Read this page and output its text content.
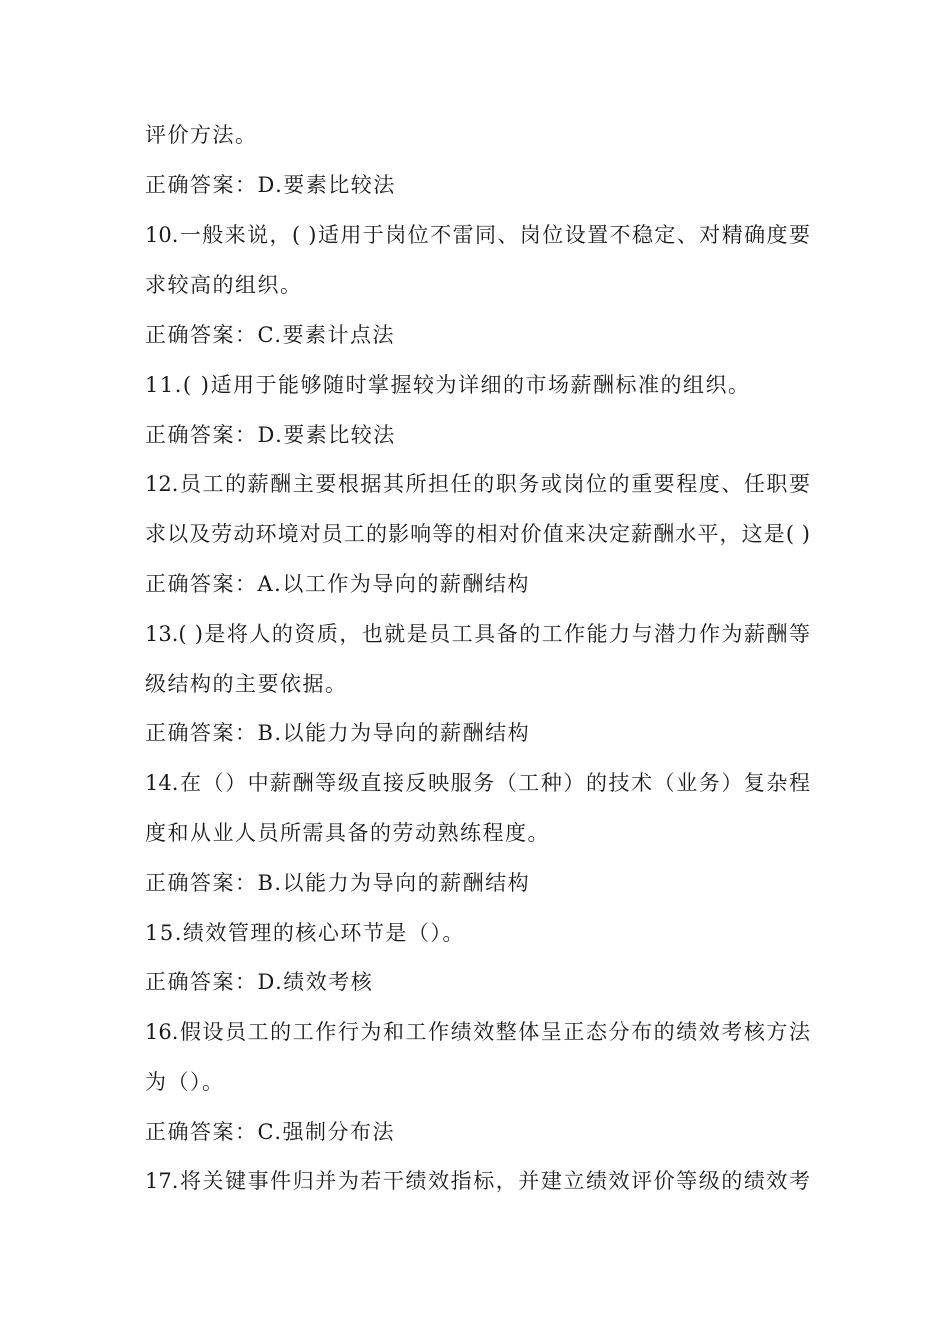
评价方法。
正确答案：D.要素比较法
10.一般来说，( )适用于岗位不雷同、岗位设置不稳定、对精确度要
求较高的组织。
正确答案：C.要素计点法
11.( )适用于能够随时掌握较为详细的市场薪酬标准的组织。
正确答案：D.要素比较法
12.员工的薪酬主要根据其所担任的职务或岗位的重要程度、任职要
求以及劳动环境对员工的影响等的相对价值来决定薪酬水平，这是( )
正确答案：A.以工作为导向的薪酬结构
13.( )是将人的资质，也就是员工具备的工作能力与潜力作为薪酬等
级结构的主要依据。
正确答案：B.以能力为导向的薪酬结构
14.在（）中薪酬等级直接反映服务（工种）的技术（业务）复杂程
度和从业人员所需具备的劳动熟练程度。
正确答案：B.以能力为导向的薪酬结构
15.绩效管理的核心环节是（）。
正确答案：D.绩效考核
16.假设员工的工作行为和工作绩效整体呈正态分布的绩效考核方法
为（）。
正确答案：C.强制分布法
17.将关键事件归并为若干绩效指标，并建立绩效评价等级的绩效考
